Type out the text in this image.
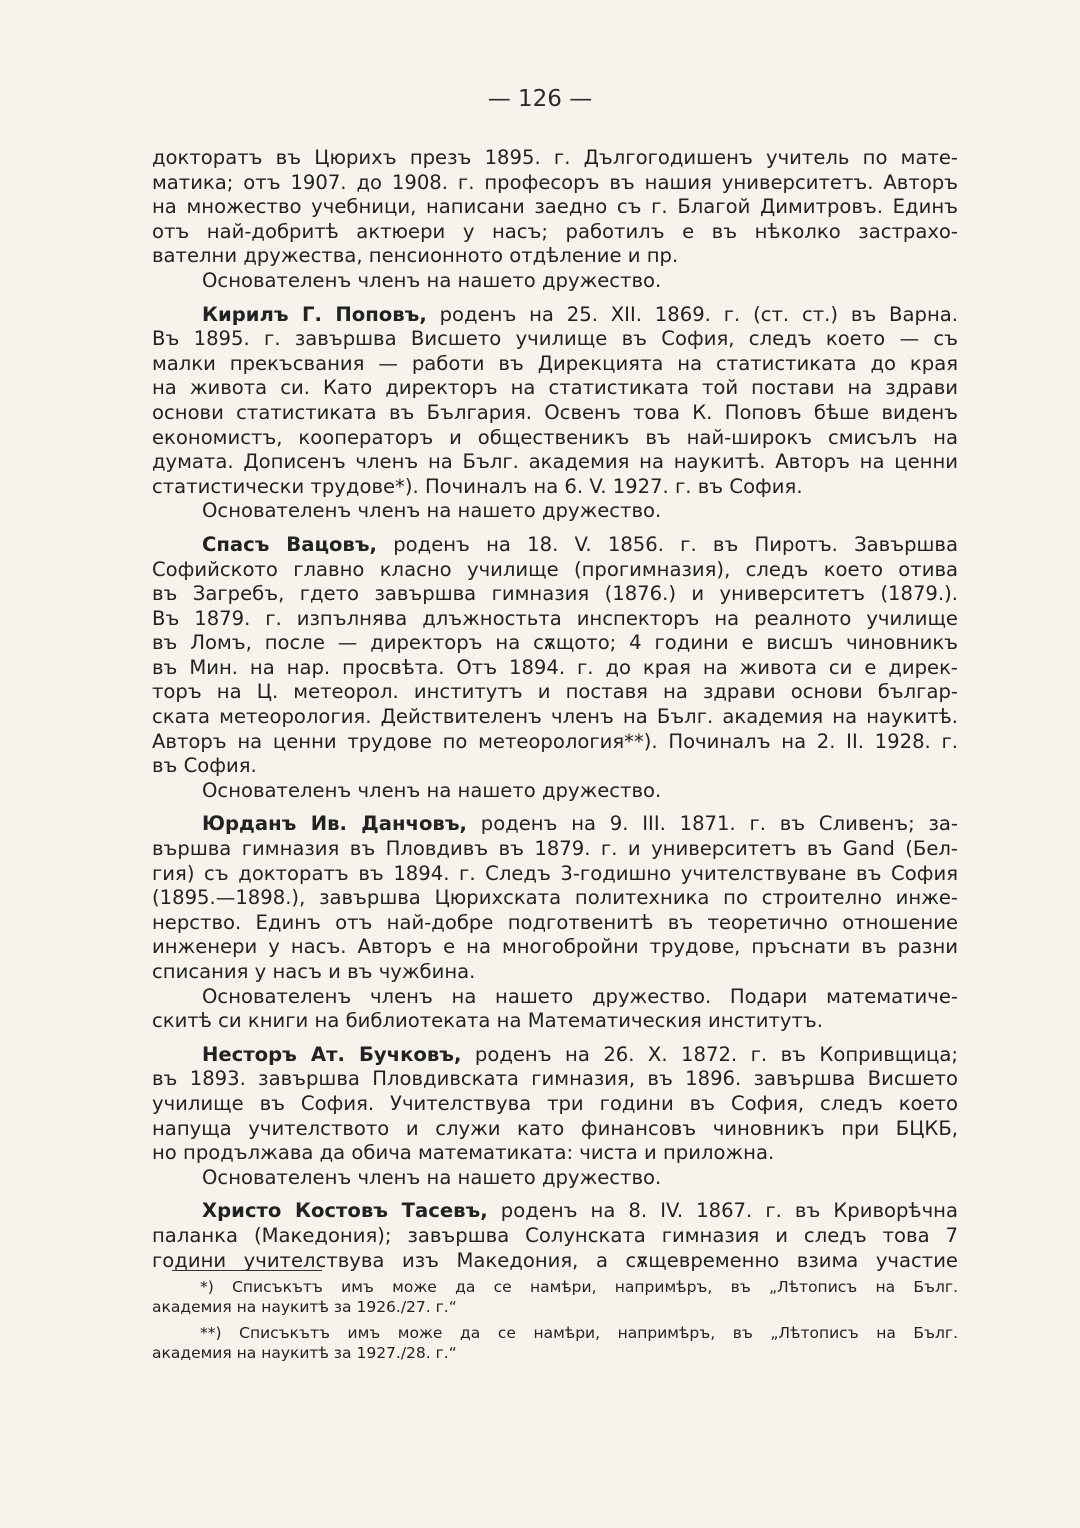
— 126 —

докторатъ въ Цюрихъ презъ 1895. г. Дългогодишенъ учитель по мате-
матика; отъ 1907. до 1908. г. професоръ въ нашия университетъ. Авторъ
на множество учебници, написани заедно съ г. Благой Димитровъ. Единъ
отъ най-добритѣ актюери у насъ; работилъ е въ нѣколко застрахо-
вателни дружества, пенсионното отдѣление и пр.

Основателенъ членъ на нашето дружество.

Кирилъ Г. Поповъ, роденъ на 25. XII. 1869. г. (ст. ст.) въ Варна.
Въ 1895. г. завършва Висшето училище въ София, следъ което — съ
малки прекъсвания — работи въ Дирекцията на статистиката до края
на живота си. Като директоръ на статистиката той постави на здрави
основи статистиката въ България. Освенъ това К. Поповъ бѣше виденъ
економистъ, кооператоръ и общественикъ въ най-широкъ смисълъ на
думата. Дописенъ членъ на Бълг. академия на наукитѣ. Авторъ на ценни
статистически трудове*). Починалъ на 6. V. 1927. г. въ София.

Основателенъ членъ на нашето дружество.

Спасъ Вацовъ, роденъ на 18. V. 1856. г. въ Пиротъ. Завършва
Софийското главно класно училище (прогимназия), следъ което отива
въ Загребъ, гдето завършва гимназия (1876.) и университетъ (1879.).
Въ 1879. г. изпълнява длъжностьта инспекторъ на реалното училище
въ Ломъ, после — директоръ на сѫщото; 4 години е висшъ чиновникъ
въ Мин. на нар. просвѣта. Отъ 1894. г. до края на живота си е дирек-
торъ на Ц. метеорол. институтъ и поставя на здрави основи българ-
ската метеорология. Действителенъ членъ на Бълг. академия на наукитѣ.
Авторъ на ценни трудове по метеорология**). Починалъ на 2. II. 1928. г.
въ София.

Основателенъ членъ на нашето дружество.

Юрданъ Ив. Данчовъ, роденъ на 9. III. 1871. г. въ Сливенъ; за-
вършва гимназия въ Пловдивъ въ 1879. г. и университетъ въ Gand (Бел-
гия) съ докторатъ въ 1894. г. Следъ 3-годишно учителствуване въ София
(1895.—1898.), завършва Цюрихската политехника по строително инже-
нерство. Единъ отъ най-добре подготвенитѣ въ теоретично отношение
инженери у насъ. Авторъ е на многобройни трудове, пръснати въ разни
списания у насъ и въ чужбина.

Основателенъ членъ на нашето дружество. Подари математиче-
скитѣ си книги на библиотеката на Математическия институтъ.

Несторъ Ат. Бучковъ, роденъ на 26. X. 1872. г. въ Копривщица;
въ 1893. завършва Пловдивската гимназия, въ 1896. завършва Висшето
училище въ София. Учителствува три години въ София, следъ което
напуща учителството и служи като финансовъ чиновникъ при БЦКБ,
но продължава да обича математиката: чиста и приложна.

Основателенъ членъ на нашето дружество.

Христо Костовъ Тасевъ, роденъ на 8. IV. 1867. г. въ Криворѣчна
паланка (Македония); завършва Солунската гимназия и следъ това 7
години учителствува изъ Македония, а сѫщевременно взима участие

*) Списъкътъ имъ може да се намѣри, напримѣръ, въ „Лѣтописъ на Бълг.
академия на наукитѣ за 1926./27. г.“
**) Списъкътъ имъ може да се намѣри, напримѣръ, въ „Лѣтописъ на Бълг.
академия на наукитѣ за 1927./28. г.“
